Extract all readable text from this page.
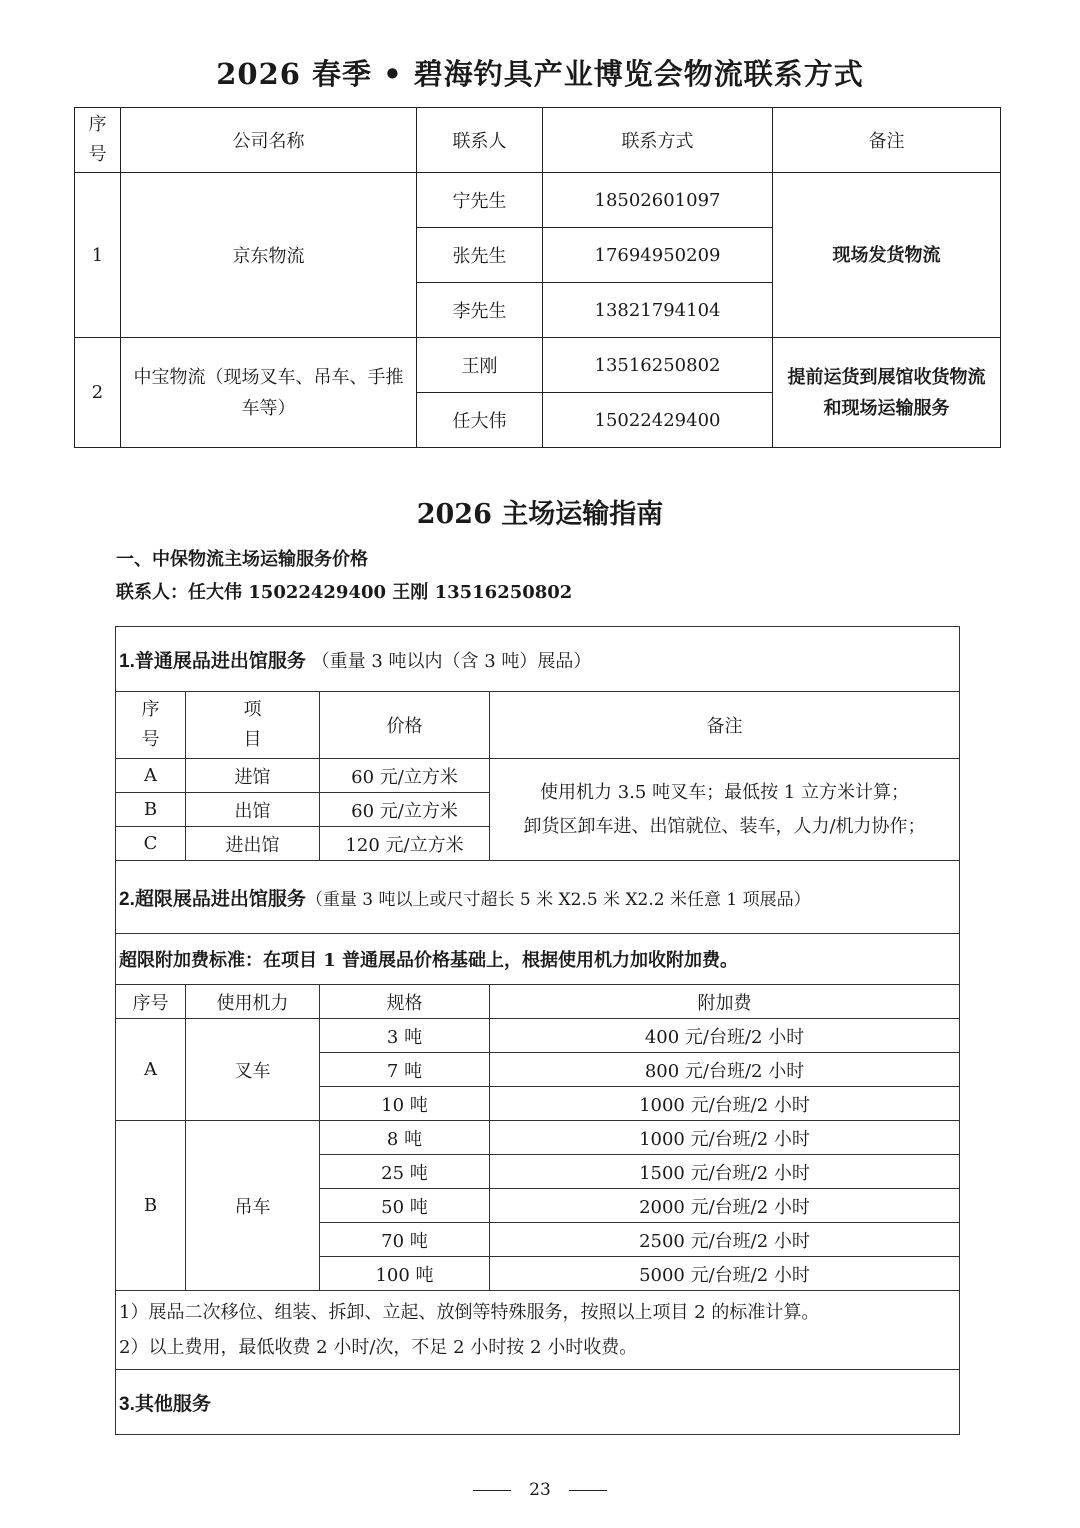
2026 春季 • 碧海钓具产业博览会物流联系方式
序号	公司名称	联系人	联系方式	备注
1	京东物流	宁先生	18502601097	现场发货物流
		张先生	17694950209	
		李先生	13821794104	
2	中宝物流（现场叉车、吊车、手推车等）	王刚	13516250802	提前运货到展馆收货物流和现场运输服务

		任大伟	15022429400	
2026 主场运输指南
一、中保物流主场运输服务价格
联系人：任大伟 15022429400 王刚 13516250802
1.普通展品进出馆服务 （重量 3 吨以内（含 3 吨）展品）			

序号	项目	价格	备注
A	进馆	60 元/立方米	使用机力 3.5 吨叉车；最低按 1 立方米计算；
卸货区卸车进、出馆就位、装车，人力/机力协作；

B	出馆	60 元/立方米	
C	进出馆	120 元/立方米	
2.超限展品进出馆服务（重量 3 吨以上或尺寸超长 5 米 X2.5 米 X2.2 米任意 1 项展品）			
超限附加费标准：在项目 1 普通展品价格基础上，根据使用机力加收附加费。			
序号	使用机力	规格	附加费
A	叉车	3 吨	400 元/台班/2 小时
		7 吨	800 元/台班/2 小时
		10 吨	1000 元/台班/2 小时
B	吊车	8 吨	1000 元/台班/2 小时
		25 吨	1500 元/台班/2 小时
		50 吨	2000 元/台班/2 小时
		70 吨	2500 元/台班/2 小时
		100 吨	5000 元/台班/2 小时

1）展品二次移位、组装、拆卸、立起、放倒等特殊服务，按照以上项目 2 的标准计算。
2）以上费用，最低收费 2 小时/次，不足 2 小时按 2 小时收费。			

3.其他服务			
23
